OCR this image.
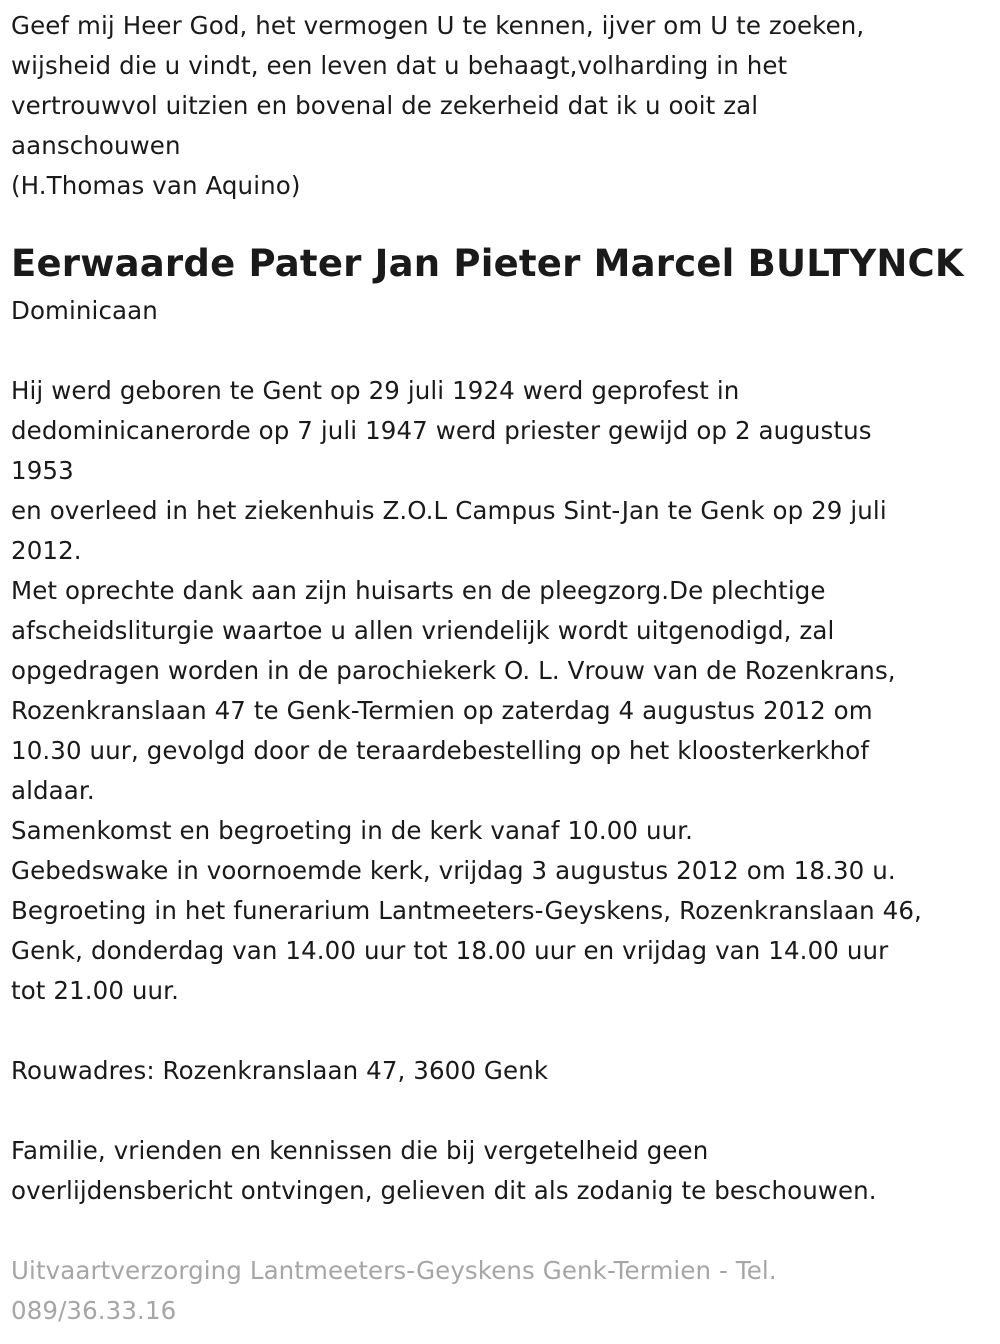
Geef mij Heer God, het vermogen U te kennen, ijver om U te zoeken,
wijsheid die u vindt, een leven dat u behaagt,volharding in het
vertrouwvol uitzien en bovenal de zekerheid dat ik u ooit zal
aanschouwen
(H.Thomas van Aquino)
Eerwaarde Pater Jan Pieter Marcel BULTYNCK
Dominicaan
Hij werd geboren te Gent op 29 juli 1924 werd geprofest in
dedominicanerorde op 7 juli 1947 werd priester gewijd op 2 augustus
1953
en overleed in het ziekenhuis Z.O.L Campus Sint-Jan te Genk op 29 juli
2012.
Met oprechte dank aan zijn huisarts en de pleegzorg.De plechtige
afscheidsliturgie waartoe u allen vriendelijk wordt uitgenodigd, zal
opgedragen worden in de parochiekerk O. L. Vrouw van de Rozenkrans,
Rozenkranslaan 47 te Genk-Termien op zaterdag 4 augustus 2012 om
10.30 uur, gevolgd door de teraardebestelling op het kloosterkerkhof
aldaar.
Samenkomst en begroeting in de kerk vanaf 10.00 uur.
Gebedswake in voornoemde kerk, vrijdag 3 augustus 2012 om 18.30 u.
Begroeting in het funerarium Lantmeeters-Geyskens, Rozenkranslaan 46,
Genk, donderdag van 14.00 uur tot 18.00 uur en vrijdag van 14.00 uur
tot 21.00 uur.
Rouwadres: Rozenkranslaan 47, 3600 Genk
Familie, vrienden en kennissen die bij vergetelheid geen
overlijdensbericht ontvingen, gelieven dit als zodanig te beschouwen.
Uitvaartverzorging Lantmeeters-Geyskens Genk-Termien - Tel.
089/36.33.16
